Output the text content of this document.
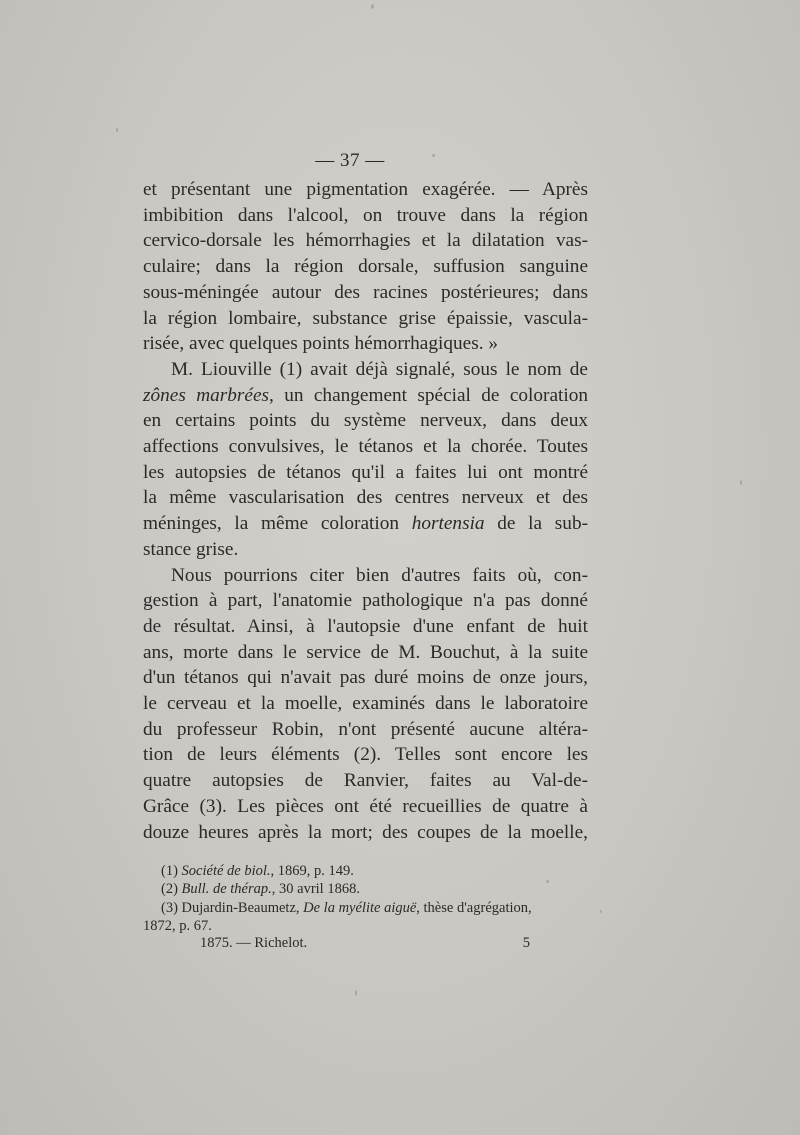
— 37 —
et présentant une pigmentation exagérée. — Après
imbibition dans l'alcool, on trouve dans la région
cervico-dorsale les hémorrhagies et la dilatation vas-
culaire; dans la région dorsale, suffusion sanguine
sous-méningée autour des racines postérieures; dans
la région lombaire, substance grise épaissie, vascula-
risée, avec quelques points hémorrhagiques. »
M. Liouville (1) avait déjà signalé, sous le nom de
zônes marbrées, un changement spécial de coloration
en certains points du système nerveux, dans deux
affections convulsives, le tétanos et la chorée. Toutes
les autopsies de tétanos qu'il a faites lui ont montré
la même vascularisation des centres nerveux et des
méninges, la même coloration hortensia de la sub-
stance grise.
Nous pourrions citer bien d'autres faits où, con-
gestion à part, l'anatomie pathologique n'a pas donné
de résultat. Ainsi, à l'autopsie d'une enfant de huit
ans, morte dans le service de M. Bouchut, à la suite
d'un tétanos qui n'avait pas duré moins de onze jours,
le cerveau et la moelle, examinés dans le laboratoire
du professeur Robin, n'ont présenté aucune altéra-
tion de leurs éléments (2). Telles sont encore les
quatre autopsies de Ranvier, faites au Val-de-
Grâce (3). Les pièces ont été recueillies de quatre à
douze heures après la mort; des coupes de la moelle,
(1) Société de biol., 1869, p. 149.
(2) Bull. de thérap., 30 avril 1868.
(3) Dujardin-Beaumetz, De la myélite aiguë, thèse d'agrégation,
1872, p. 67.
1875. — Richelot.	5
